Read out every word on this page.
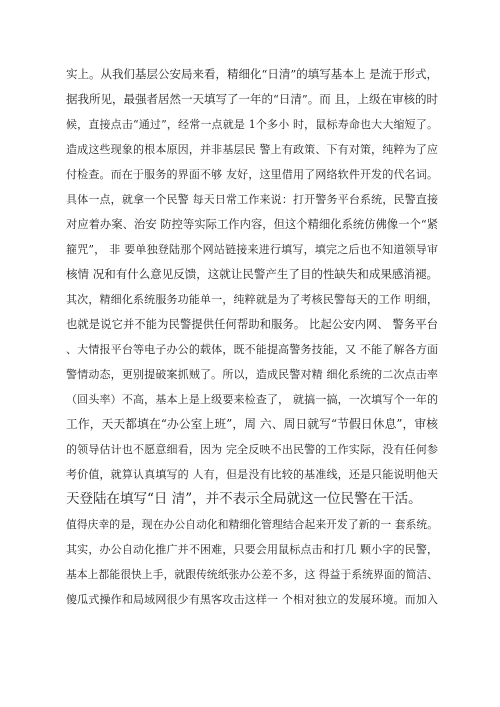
实上。从我们基层公安局来看，精细化“日清”的填写基本上 是流于形式，
据我所见，最强者居然一天填写了一年的“日清”。而 且，上级在审核的时
候，直接点击“通过”，经常一点就是 1个多小 时，鼠标寿命也大大缩短了。
造成这些现象的根本原因，并非基层民 警上有政策、下有对策，纯粹为了应
付检查。而在于服务的界面不够 友好，这里借用了网络软件开发的代名词。
具体一点，就拿一个民警 每天日常工作来说：打开警务平台系统，民警直接
对应着办案、治安 防控等实际工作内容，但这个精细化系统仿佛像一个“紧
箍咒”， 非 要单独登陆那个网站链接来进行填写，填完之后也不知道领导审
核情 况和有什么意见反馈，这就让民警产生了目的性缺失和成果感消褪。
其次，精细化系统服务功能单一，纯粹就是为了考核民警每天的工作 明细，
也就是说它并不能为民警提供任何帮助和服务。 比起公安内网、 警务平台
、大情报平台等电子办公的载体，既不能提高警务技能，又 不能了解各方面
警情动态，更别提破案抓贼了。所以，造成民警对精 细化系统的二次点击率
（回头率）不高，基本上是上级要来检查了， 就搞一搞，一次填写个一年的
工作，天天都填在“办公室上班”，周 六、周日就写“节假日休息”，审核
的领导估计也不愿意细看，因为 完全反映不出民警的工作实际，没有任何参
考价值，就算认真填写的 人有，但是没有比较的基准线，还是只能说明他天
天登陆在填写“日 清”，并不表示全局就这一位民警在干活。
值得庆幸的是，现在办公自动化和精细化管理结合起来开发了新的一 套系统。
其实，办公自动化推广并不困难，只要会用鼠标点击和打几 颗小字的民警，
基本上都能很快上手，就跟传统纸张办公差不多，这 得益于系统界面的简洁、
傻瓜式操作和局域网很少有黑客攻击这样一 个相对独立的发展环境。而加入
